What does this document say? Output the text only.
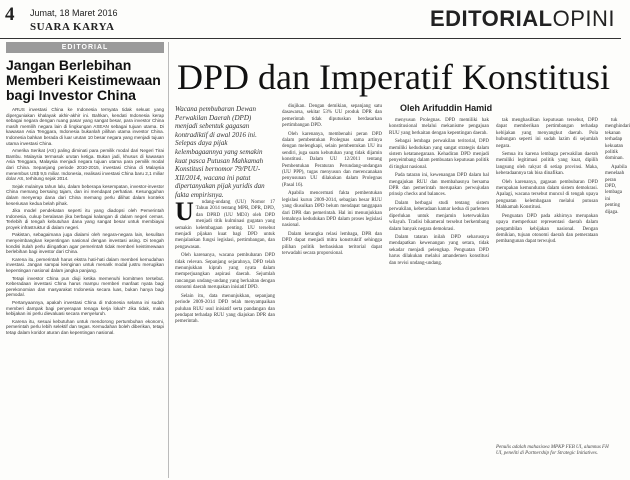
4 Jumat, 18 Maret 2016
SUARA KARYA	EDITORIALOPINI
EDITORIAL
Jangan Berlebihan Memberi Keistimewaan bagi Investor China

ARUS investasi China ke Indonesia ternyata tidak sekuat yang diperguniakan khalayak akhir-akhir ini. Bahkan, kendati Indonesia kerap sebagai negara dengan ruang pasar yang sangat besar, para investor China masih memilih negara lain di lingkungan ASEAN sebagai tujuan utama. Di kawasan Asia Tenggara, Indonesia bukanlah pilihan utama investor China. Indonesia bahkan berada di luar urutan 10 besar negara yang menjadi tujuan utama investasi China.

Amerika Serikat (AS) paling diminati para pemilik modal dari Negeri Tirai Bambu. Malaysia termasuk urutan ketiga. Bukan jadi, khusus di kawasan Asia Tenggara, Malaysia menjadi negara tujuan utama para pemilik modal dari China. Sepanjang periode 2010-2015, investasi China di Malaysia menembus US$ 9,5 miliar. Indonesia, realisasi investasi China baru 2,1 miliar dolar AS, terhitung sejak 2014.

Sejak mulainya tahun lalu, dalam beberapa kesempatan, investor-investor China memang bersaing tajam, dan ini mendapat perhatian. Kesungguhan dalam menyerap dana dari China memang perlu dilihat dalam konteks keseriusan kedua belah pihak.

Jika model pendekatan seperti itu yang diadopsi oleh Pemerintah Indonesia, cukup beralasan jika berbagai kalangan di dalam negeri cemas. Terlebih di tengah kebutuhan dana yang sangat besar untuk membiayai proyek infrastruktur di dalam negeri.

Pakistan, sebagaimana juga dialami oleh negara-negara lain, kesulitan menyeimbangkan kepentingan nasional dengan investasi asing. Di tengah kondisi itulah perlu diingatkan agar pemerintah tidak memberi keistimewaan berlebihan bagi investor dari China.

Karena itu, pemerintah harus ekstra hati-hati dalam memberi kemudahan investasi. Jangan sampai keinginan untuk menarik modal justru merugikan kepentingan nasional dalam jangka panjang.

Tetapi investor China pun diuji ketika memenuhi komitmen tersebut. Keberadaan investasi China harus mampu memberi manfaat nyata bagi perekonomian dan masyarakat Indonesia secara luas, bukan hanya bagi pemodal.

Pertanyaannya, apakah investasi China di Indonesia selama ini sudah memberi dampak bagi penyerapan tenaga kerja lokal? Jika tidak, maka kebijakan ini perlu dievaluasi secara menyeluruh.

Karena itu, sesuai kebutuhan untuk mendorong pertumbuhan ekonomi, pemerintah perlu lebih selektif dan tegas. Kemudahan boleh diberikan, tetapi tetap dalam koridor aturan dan kepentingan nasional.

DPD dan Imperatif Konstitusi
Oleh Arifuddin Hamid

Wacana pembubaran Dewan Perwakilan Daerah (DPD) menjadi sebentuk gagasan kontradiktif di awal 2016 ini. Selepas daya pijak kelembagaannya yang semakin kuat pasca Putusan Mahkamah Konstitusi bernomor 79/PUU-XII/2014, wacana ini patut dipertanyakan pijak yuridis dan fakta empirisnya.

U	ndang-undang (UU) Nomor 17 Tahun 2014 tentang MPR, DPR, DPD, dan DPRD (UU MD3) oleh DPD menjadi titik kulminasi gugatan yang semakin kelembagaan penting. UU tersebut menjadi pijakan kuat bagi DPD untuk menjalankan fungsi legislasi, pertimbangan, dan pengawasan.

Oleh karenanya, wacana pembubaran DPD tidak relevan. Sepanjang sejarahnya, DPD telah menunjukkan kiprah yang nyata dalam memperjuangkan aspirasi daerah. Sejumlah rancangan undang-undang yang berkaitan dengan otonomi daerah merupakan inisiatif DPD.

Selain itu, data menunjukkan, sepanjang periode 2009-2014 DPD telah menyampaikan puluhan RUU usul inisiatif serta pandangan dan pendapat terhadap RUU yang diajukan DPR dan pemerintah.

diujikan. Dengan demikian, sepanjang satu dasawarsa, sekitar 53% UU produk DPR dan pemerintah tidak diputuskan berdasarkan pertimbangan DPD.

Oleh karenanya, membenahi peran DPD dalam pembentukan Prolegnas sama artinya dengan melengkapi, selain pembentukan UU itu sendiri, juga suatu kebutuhan yang tidak dijamin konstitusi. Dalam UU 12/2011 tentang Pembentukan Peraturan Perundang-undangan (UU PPP), tugas menyusun dan merencanakan penyusunan UU dilakukan dalam Prolegnas (Pasal 16).

Apabila mencermati fakta pembentukan legislasi kurun 2009-2014, sebagian besar RUU yang diusulkan DPD belum mendapat tanggapan dari DPR dan pemerintah. Hal ini menunjukkan lemahnya kedudukan DPD dalam proses legislasi nasional.

Dalam kerangka relasi lembaga, DPR dan DPD dapat menjadi mitra konstruktif sehingga pilihan politik berbasiskan teritorial dapat terwadahi secara proporsional.

menyusun Prolegnas. DPD memiliki hak konstitusional melalui mekanisme pengajuan RUU yang berkaitan dengan kepentingan daerah.

Sebagai lembaga perwakilan teritorial, DPD memiliki kedudukan yang sangat strategis dalam sistem ketatanegaraan. Kehadiran DPD menjadi penyeimbang dalam pembuatan keputusan politik di tingkat nasional.

Pada tataran ini, kewenangan DPD dalam hal mengajukan RUU dan membahasnya bersama DPR dan pemerintah merupakan perwujudan prinsip checks and balances.

Dalam berbagai studi tentang sistem perwakilan, keberadaan kamar kedua di parlemen diperlukan untuk menjamin keterwakilan wilayah. Tradisi bikameral tersebut berkembang dalam banyak negara demokrasi.

Dalam tataran inilah DPD seharusnya mendapatkan kewenangan yang setara, tidak sekadar menjadi pelengkap. Penguatan DPD harus dilakukan melalui amandemen konstitusi dan revisi undang-undang.

tak menghasilkan keputusan tersebut, DPD dapat memberikan pertimbangan terhadap kebijakan yang menyangkut daerah. Pola hubungan seperti ini sudah lazim di sejumlah negara.

Semua itu karena lembaga perwakilan daerah memiliki legitimasi politik yang kuat, dipilih langsung oleh rakyat di setiap provinsi. Maka, keberadaannya tak bisa dinafikan.

Oleh karenanya, gagasan pembubaran DPD merupakan kemunduran dalam sistem demokrasi. Apalagi, wacana tersebut muncul di tengah upaya penguatan kelembagaan melalui putusan Mahkamah Konstitusi.

Penguatan DPD pada akhirnya merupakan upaya memperkuat representasi daerah dalam pengambilan kebijakan nasional. Dengan demikian, tujuan otonomi daerah dan pemerataan pembangunan dapat terwujud.

tuk menghindari tekanan terhadap kekuatan politik dominan.

Apabila menelaah peran DPD, lembaga ini penting dijaga.

Penulis adalah mahasiswa MPKP FEB UI, alumnus FH UI, peneliti di Partnership for Strategic Initiatives.
